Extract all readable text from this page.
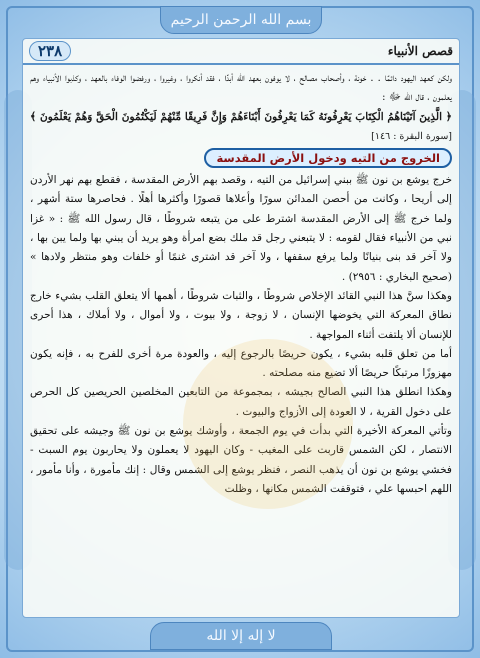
بسم الله الرحمن الرحيم
لا إله إلا الله
قصص الأنبياء
٢٣٨

ولكن كعهد اليهود دائمًا . . خونة ، وأصحاب مصالح ، لا يوفون بعهد الله أبدًا ، فقد أنكروا ، وغيروا ، ورفضوا الوفاء بالعهد ، وكذبوا الأنبياء وهم يعلمون ، قال الله ﷻ :

﴿ الَّذِينَ آتَيْنَاهُمُ الْكِتَابَ يَعْرِفُونَهُ كَمَا يَعْرِفُونَ أَبْنَاءَهُمْ وَإِنَّ فَرِيقًا مِّنْهُمْ لَيَكْتُمُونَ الْحَقَّ وَهُمْ يَعْلَمُونَ ﴾ [سورة البقرة : ١٤٦]

الخروج من التيه ودخول الأرض المقدسة

خرج يوشع بن نون ﷺ ببني إسرائيل من التيه ، وقصد بهم الأرض المقدسة ، فقطع بهم نهر الأردن إلى أريحا ، وكانت من أحصن المدائن سورًا وأعلاها قصورًا وأكثرها أهلًا . فحاصرها ستة أشهر ، ولما خرج ﷺ إلى الأرض المقدسة اشترط على من يتبعه شروطًا ، قال رسول الله ﷺ : « غزا نبي من الأنبياء فقال لقومه : لا يتبعني رجل قد ملك بضع امرأة وهو يريد أن يبني بها ولما يبن بها ، ولا آخر قد بنى بنيانًا ولما يرفع سقفها ، ولا آخر قد اشترى غنمًا أو خلفات وهو منتظر ولادها » (صحيح البخاري : ٢٩٥٦) .

وهكذا سنَّ هذا النبي القائد الإخلاص شروطًا ، والثبات شروطًا ، أهمها ألا يتعلق القلب بشيء خارج نطاق المعركة التي يخوضها الإنسان ، لا زوجة ، ولا بيوت ، ولا أموال ، ولا أملاك ، هذا أحرى للإنسان ألا يلتفت أثناء المواجهة .

أما من تعلق قلبه بشيء ، يكون حريصًا بالرجوع إليه ، والعودة مرة أخرى للفرح به ، فإنه يكون مهزوزًا مرتبكًا حريصًا ألا تضيع منه مصلحته .

وهكذا انطلق هذا النبي الصالح بجيشه ، بمجموعة من التابعين المخلصين الحريصين كل الحرص على دخول القرية ، لا العودة إلى الأزواج والبيوت .

وتأتي المعركة الأخيرة التي بدأت في يوم الجمعة ، وأوشك يوشع بن نون ﷺ وجيشه على تحقيق الانتصار ، لكن الشمس قاربت على المغيب - وكان اليهود لا يعملون ولا يحاربون يوم السبت - فخشي يوشع بن نون أن يذهب النصر ، فنظر يوشع إلى الشمس وقال : إنك مأمورة ، وأنا مأمور ، اللهم احبسها علي ، فتوقفت الشمس مكانها ، وظلت
